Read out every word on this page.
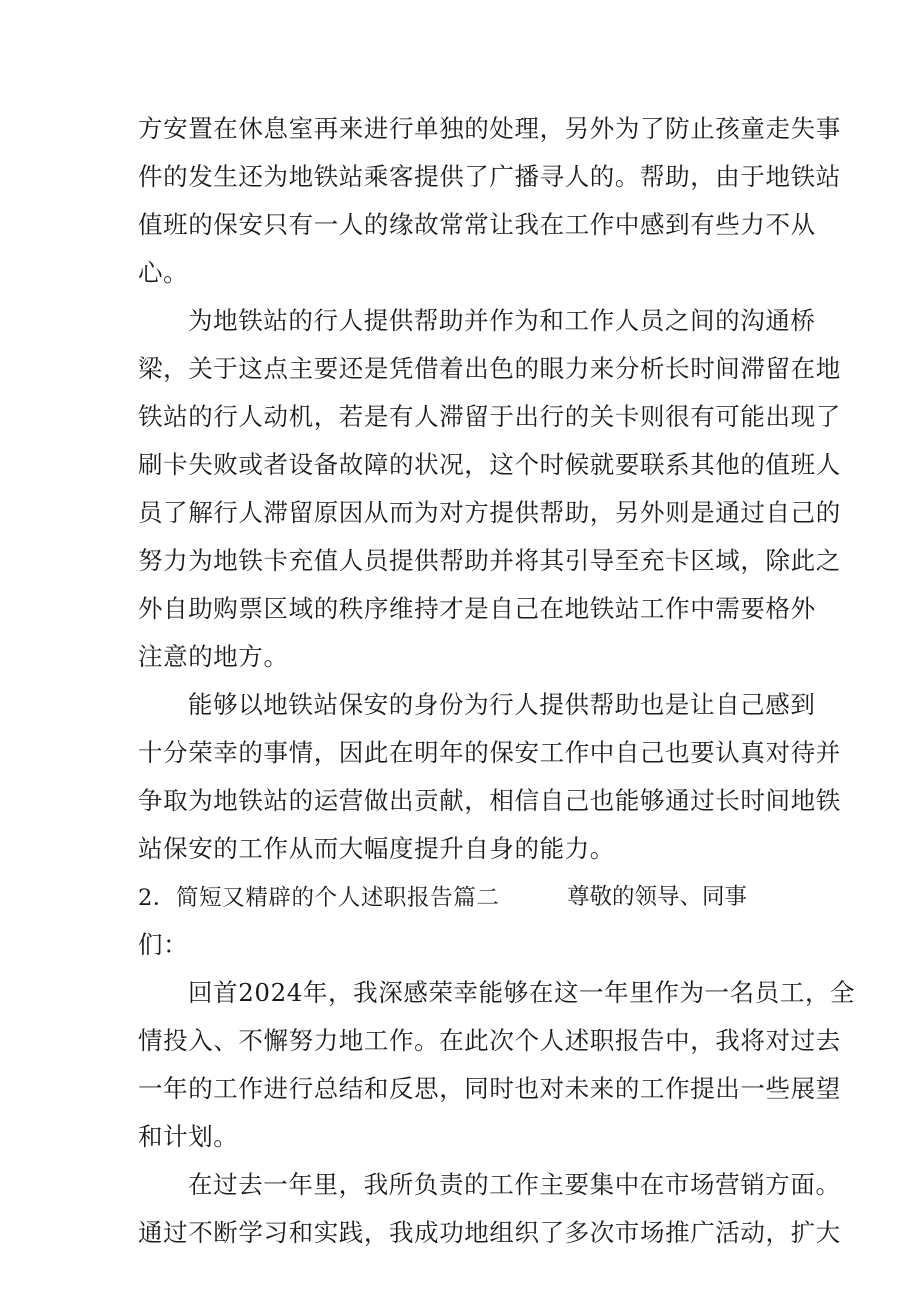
方安置在休息室再来进行单独的处理，另外为了防止孩童走失事
件的发生还为地铁站乘客提供了广播寻人的。帮助，由于地铁站
值班的保安只有一人的缘故常常让我在工作中感到有些力不从
心。
为地铁站的行人提供帮助并作为和工作人员之间的沟通桥
梁，关于这点主要还是凭借着出色的眼力来分析长时间滞留在地
铁站的行人动机，若是有人滞留于出行的关卡则很有可能出现了
刷卡失败或者设备故障的状况，这个时候就要联系其他的值班人
员了解行人滞留原因从而为对方提供帮助，另外则是通过自己的
努力为地铁卡充值人员提供帮助并将其引导至充卡区域，除此之
外自助购票区域的秩序维持才是自己在地铁站工作中需要格外
注意的地方。
能够以地铁站保安的身份为行人提供帮助也是让自己感到
十分荣幸的事情，因此在明年的保安工作中自己也要认真对待并
争取为地铁站的运营做出贡献，相信自己也能够通过长时间地铁
站保安的工作从而大幅度提升自身的能力。
2．简短又精辟的个人述职报告篇二	尊敬的领导、同事
们：
回首2024年，我深感荣幸能够在这一年里作为一名员工，全
情投入、不懈努力地工作。在此次个人述职报告中，我将对过去
一年的工作进行总结和反思，同时也对未来的工作提出一些展望
和计划。
在过去一年里，我所负责的工作主要集中在市场营销方面。
通过不断学习和实践，我成功地组织了多次市场推广活动，扩大
